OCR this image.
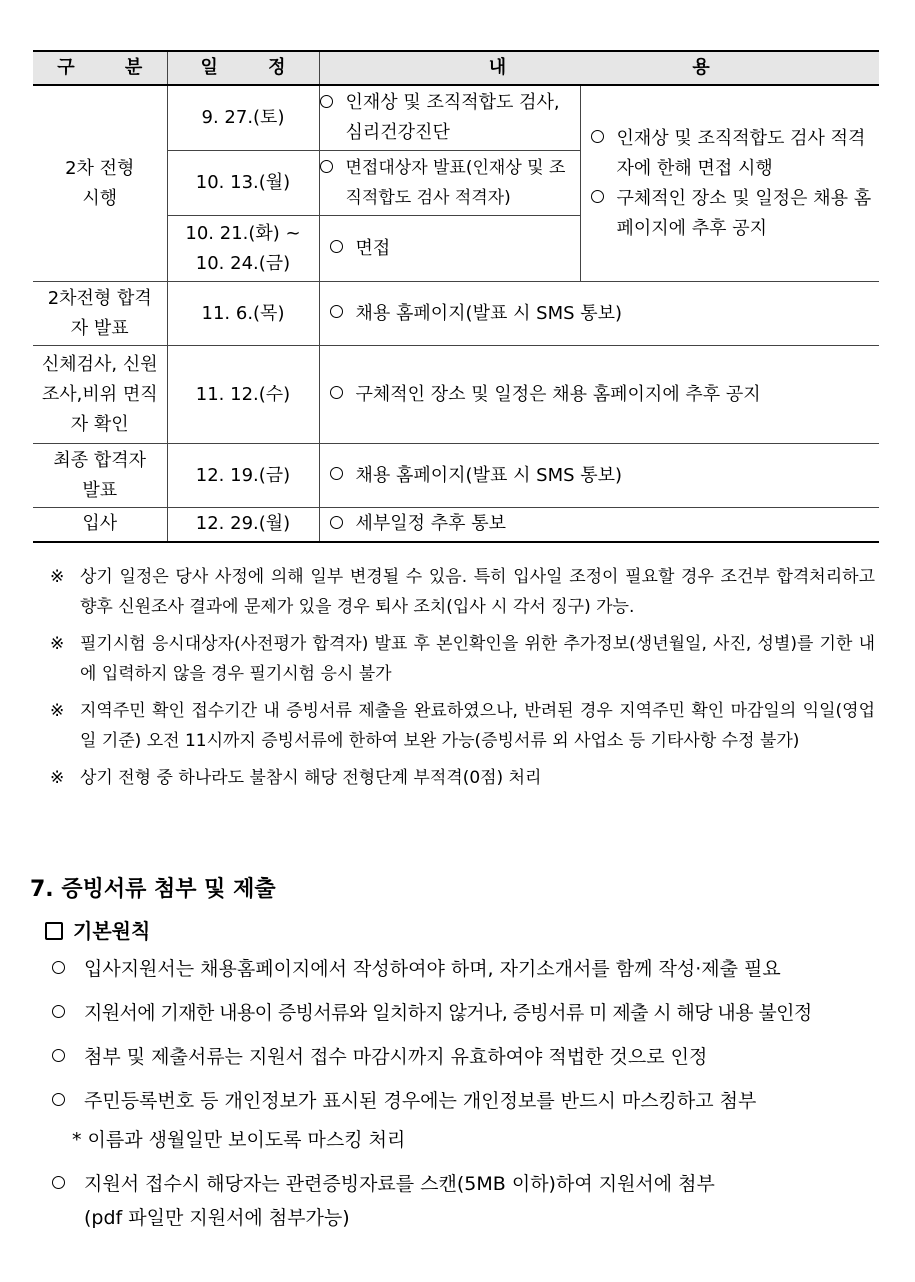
구 분	일 정	내 용	

2차 전형 시행	9. 27.(토)	인재상 및 조직적합도 검사, 심리건강진단	인재상 및 조직적합도 검사 적격자에 한해 면접 시행
구체적인 장소 및 일정은 채용 홈페이지에 추후 공지

	10. 13.(월)	면접대상자 발표(인재상 및 조직적합도 검사 적격자)	

	10. 21.(화) ~ 10. 24.(금)	면접	

2차전형 합격자 발표	11. 6.(목)	채용 홈페이지(발표 시 SMS 통보)	

신체검사, 신원조사,비위 면직자 확인	11. 12.(수)	구체적인 장소 및 일정은 채용 홈페이지에 추후 공지	

최종 합격자 발표	12. 19.(금)	채용 홈페이지(발표 시 SMS 통보)	

입사	12. 29.(월)	세부일정 추후 통보	
※ 상기 일정은 당사 사정에 의해 일부 변경될 수 있음. 특히 입사일 조정이 필요할 경우 조건부 합격처리하고 향후 신원조사 결과에 문제가 있을 경우 퇴사 조치(입사 시 각서 징구) 가능.
※ 필기시험 응시대상자(사전평가 합격자) 발표 후 본인확인을 위한 추가정보(생년월일, 사진, 성별)를 기한 내에 입력하지 않을 경우 필기시험 응시 불가
※ 지역주민 확인 접수기간 내 증빙서류 제출을 완료하였으나, 반려된 경우 지역주민 확인 마감일의 익일(영업일 기준) 오전 11시까지 증빙서류에 한하여 보완 가능(증빙서류 외 사업소 등 기타사항 수정 불가)
※ 상기 전형 중 하나라도 불참시 해당 전형단계 부적격(0점) 처리
7. 증빙서류 첨부 및 제출
기본원칙
입사지원서는 채용홈페이지에서 작성하여야 하며, 자기소개서를 함께 작성·제출 필요
지원서에 기재한 내용이 증빙서류와 일치하지 않거나, 증빙서류 미 제출 시 해당 내용 불인정
첨부 및 제출서류는 지원서 접수 마감시까지 유효하여야 적법한 것으로 인정
주민등록번호 등 개인정보가 표시된 경우에는 개인정보를 반드시 마스킹하고 첨부
* 이름과 생월일만 보이도록 마스킹 처리
지원서 접수시 해당자는 관련증빙자료를 스캔(5MB 이하)하여 지원서에 첨부
(pdf 파일만 지원서에 첨부가능)
